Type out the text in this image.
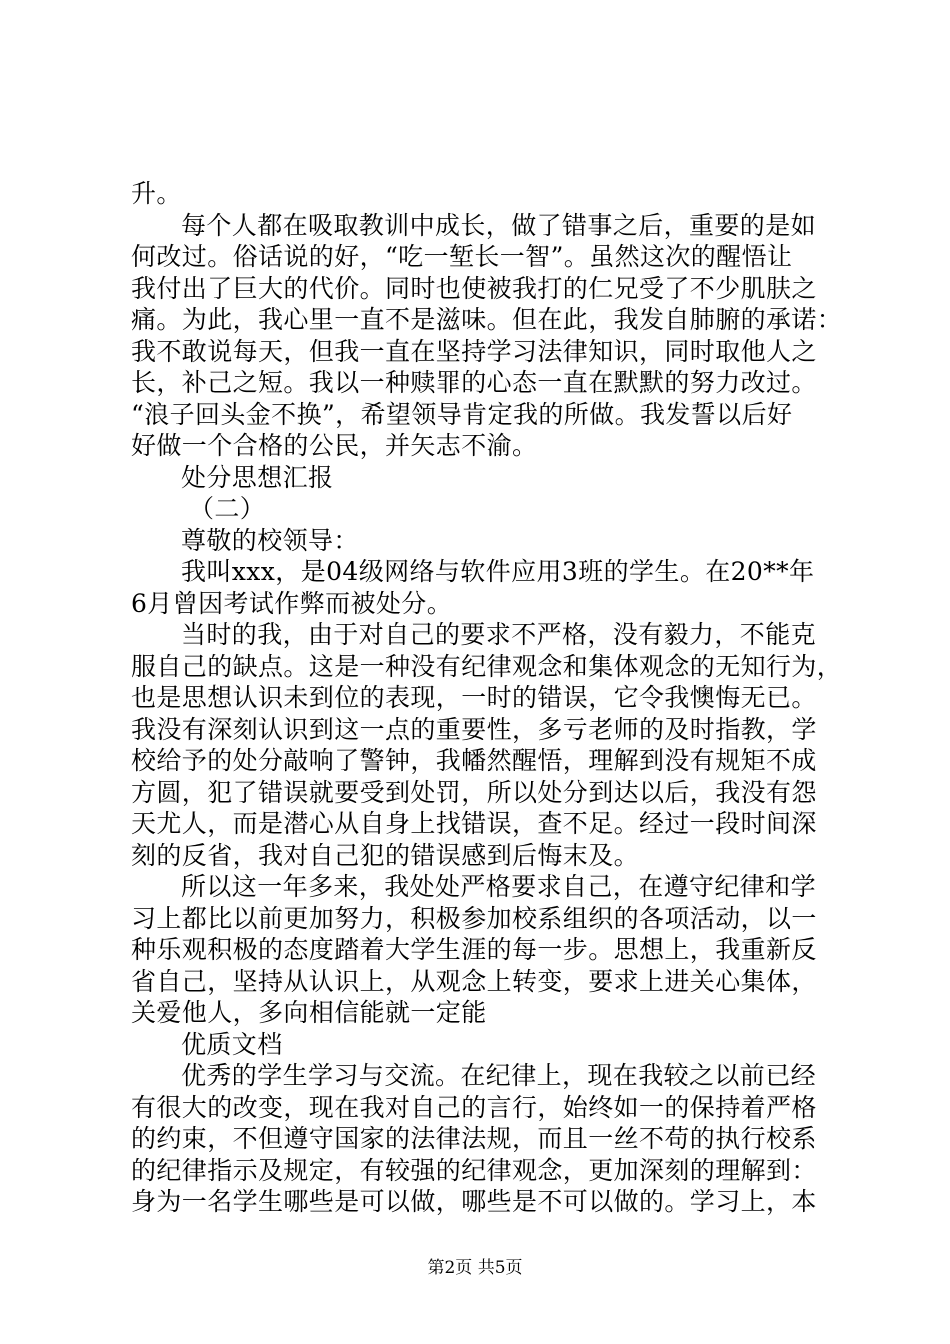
升。
每个人都在吸取教训中成长，做了错事之后，重要的是如
何改过。俗话说的好，“吃一堑长一智”。虽然这次的醒悟让
我付出了巨大的代价。同时也使被我打的仁兄受了不少肌肤之
痛。为此，我心里一直不是滋味。但在此，我发自肺腑的承诺：
我不敢说每天，但我一直在坚持学习法律知识，同时取他人之
长，补己之短。我以一种赎罪的心态一直在默默的努力改过。
“浪子回头金不换”，希望领导肯定我的所做。我发誓以后好
好做一个合格的公民，并矢志不渝。
处分思想汇报
（二）
尊敬的校领导：
我叫xxx，是04级网络与软件应用3班的学生。在20**年
6月曾因考试作弊而被处分。
当时的我，由于对自己的要求不严格，没有毅力，不能克
服自己的缺点。这是一种没有纪律观念和集体观念的无知行为，
也是思想认识未到位的表现，一时的错误，它令我懊悔无已。
我没有深刻认识到这一点的重要性，多亏老师的及时指教，学
校给予的处分敲响了警钟，我幡然醒悟，理解到没有规矩不成
方圆，犯了错误就要受到处罚，所以处分到达以后，我没有怨
天尤人，而是潜心从自身上找错误，查不足。经过一段时间深
刻的反省，我对自己犯的错误感到后悔末及。
所以这一年多来，我处处严格要求自己，在遵守纪律和学
习上都比以前更加努力，积极参加校系组织的各项活动，以一
种乐观积极的态度踏着大学生涯的每一步。思想上，我重新反
省自己，坚持从认识上，从观念上转变，要求上进关心集体，
关爱他人，多向相信能就一定能
优质文档
优秀的学生学习与交流。在纪律上，现在我较之以前已经
有很大的改变，现在我对自己的言行，始终如一的保持着严格
的约束，不但遵守国家的法律法规，而且一丝不苟的执行校系
的纪律指示及规定，有较强的纪律观念，更加深刻的理解到：
身为一名学生哪些是可以做，哪些是不可以做的。学习上，本
第2页 共5页
